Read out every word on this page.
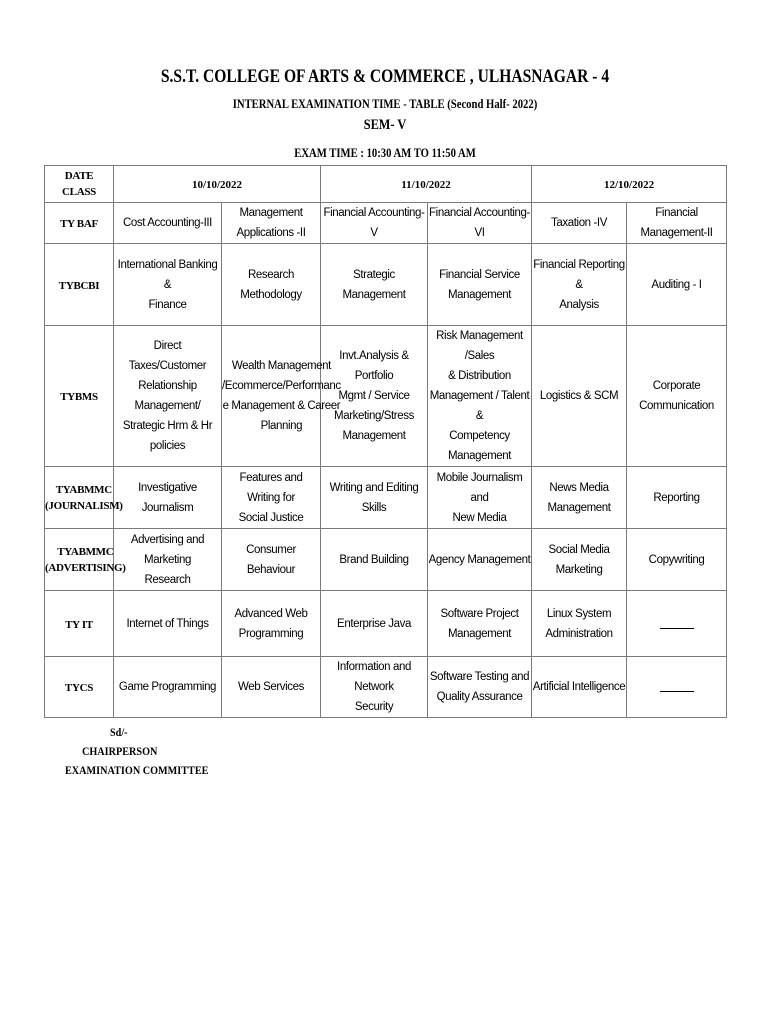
S.S.T. COLLEGE OF ARTS & COMMERCE , ULHASNAGAR - 4
INTERNAL EXAMINATION TIME - TABLE (Second Half- 2022)
SEM- V
EXAM TIME : 10:30 AM TO 11:50 AM
DATE
CLASS	10/10/2022		11/10/2022		12/10/2022	
TY BAF	Cost Accounting-III	Management
Applications -II	Financial Accounting-V	Financial Accounting-VI	Taxation -IV	Financial Management-II
TYBCBI	International Banking &
Finance	Research Methodology	Strategic Management	Financial Service
Management	Financial Reporting &
Analysis	Auditing - I
TYBMS	Direct Taxes/Customer
Relationship Management/
Strategic Hrm & Hr
policies	Wealth Management
/Ecommerce/Performanc
e Management & Career
Planning	Invt.Analysis & Portfolio
Mgmt / Service
Marketing/Stress
Management	Risk Management /Sales
& Distribution
Management / Talent &
Competency Management	Logistics & SCM	Corporate
Communication
TYABMMC
(JOURNALISM)	Investigative Journalism	Features and Writing for
Social Justice	Writing and Editing Skills	Mobile Journalism and
New Media	News Media
Management	Reporting
TYABMMC
(ADVERTISING)	Advertising and Marketing
Research	Consumer Behaviour	Brand Building	Agency Management	Social Media Marketing	Copywriting
TY IT	Internet of Things	Advanced Web
Programming	Enterprise Java	Software Project
Management	Linux System
Administration	
TYCS	Game Programming	Web Services	Information and Network
Security	Software Testing and
Quality Assurance	Artificial Intelligence	
Sd/-
CHAIRPERSON
EXAMINATION COMMITTEE
